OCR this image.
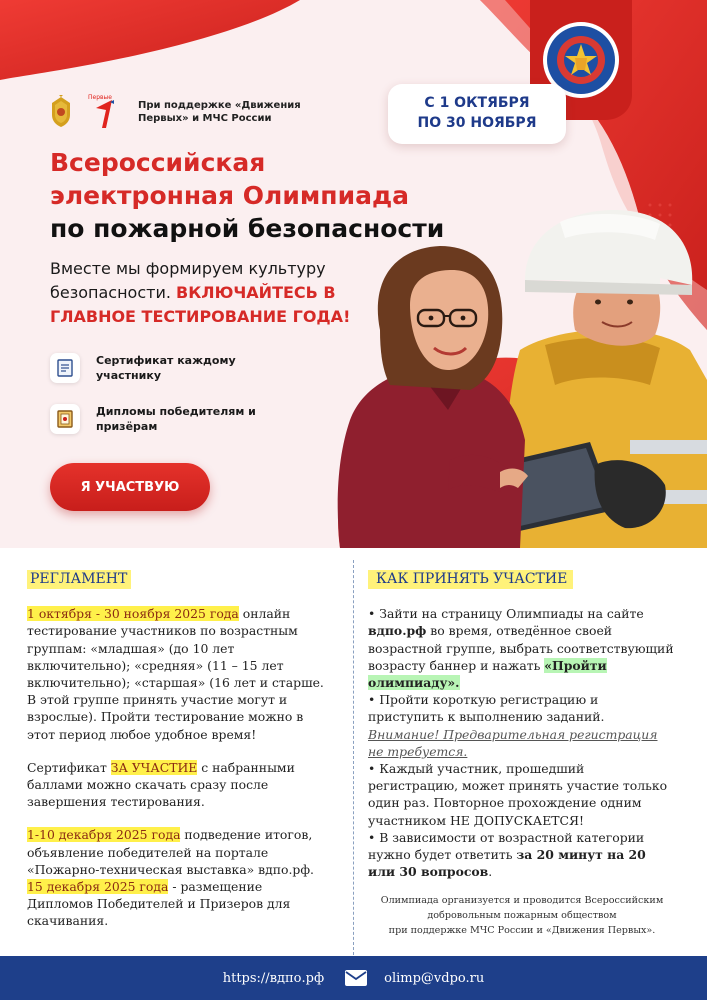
Первые
При поддержке «Движения Первых» и МЧС России
С 1 ОКТЯБРЯ
ПО 30 НОЯБРЯ
Всероссийская
электронная Олимпиада
по пожарной безопасности

Вместе мы формируем культуру безопасности. ВКЛЮЧАЙТЕСЬ В ГЛАВНОЕ ТЕСТИРОВАНИЕ ГОДА!

Сертификат каждому участнику
Дипломы победителям и призёрам
Я УЧАСТВУЮ
РЕГЛАМЕНТ

1 октября - 30 ноября 2025 года онлайн тестирование участников по возрастным группам: «младшая» (до 10 лет включительно); «средняя» (11 – 15 лет включительно); «старшая» (16 лет и старше. В этой группе принять участие могут и взрослые). Пройти тестирование можно в этот период любое удобное время!

Сертификат ЗА УЧАСТИЕ с набранными баллами можно скачать сразу после завершения тестирования.

1-10 декабря 2025 года подведение итогов, объявление победителей на портале «Пожарно-техническая выставка» вдпо.рф.
15 декабря 2025 года - размещение Дипломов Победителей и Призеров для скачивания.

КАК ПРИНЯТЬ УЧАСТИЕ

• Зайти на страницу Олимпиады на сайте вдпо.рф во время, отведённое своей возрастной группе, выбрать соответствующий возрасту баннер и нажать «Пройти олимпиаду».

• Пройти короткую регистрацию и приступить к выполнению заданий.

Внимание! Предварительная регистрация не требуется.

• Каждый участник, прошедший регистрацию, может принять участие только один раз. Повторное прохождение одним участником НЕ ДОПУСКАЕТСЯ!

• В зависимости от возрастной категории нужно будет ответить за 20 минут на 20 или 30 вопросов.

Олимпиада организуется и проводится Всероссийским
добровольным пожарным обществом
при поддержке МЧС России и «Движения Первых».
https://вдпо.рф	olimp@vdpo.ru
